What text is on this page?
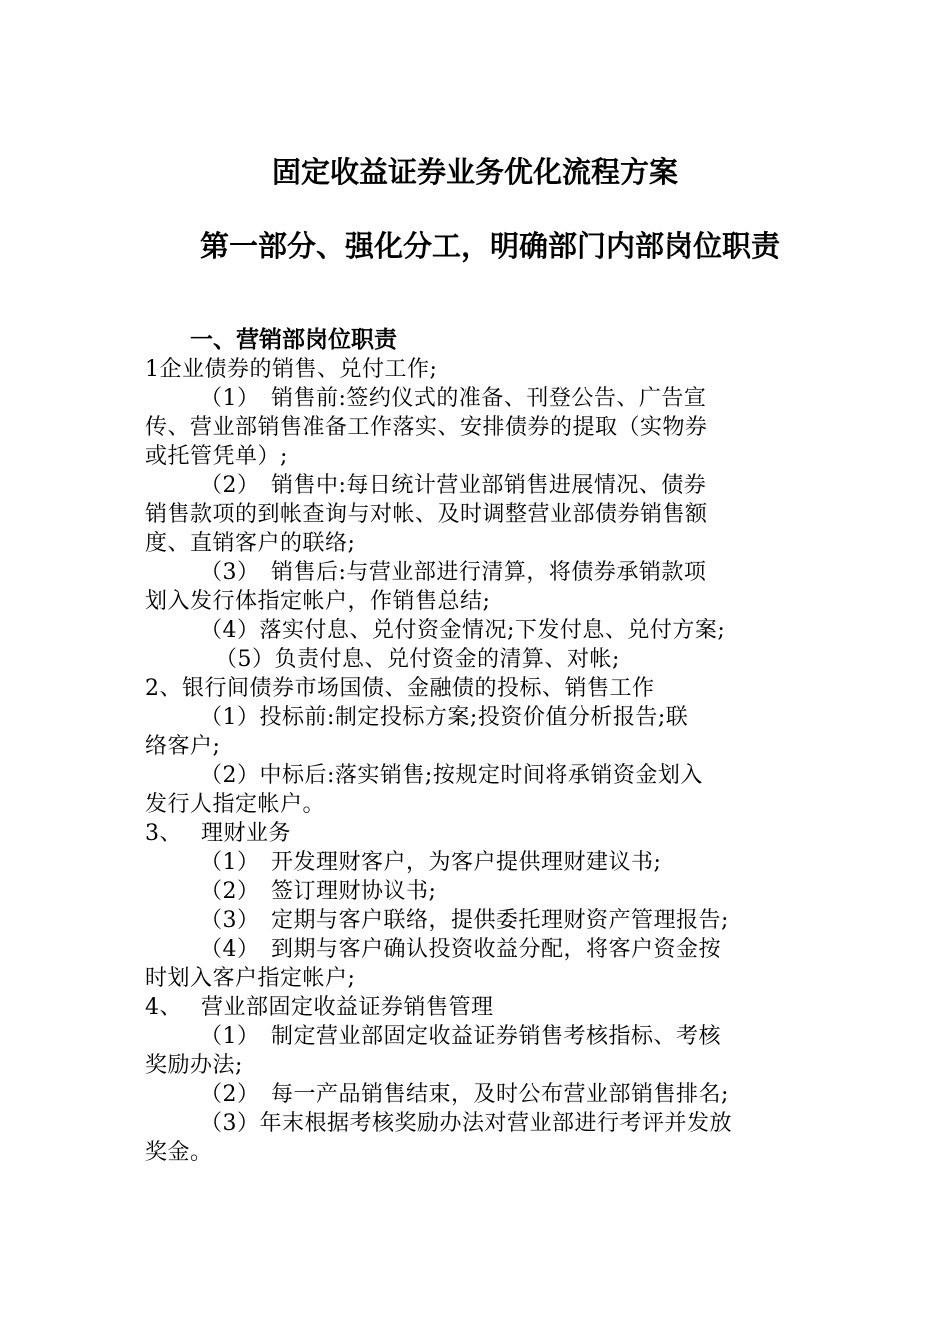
固定收益证券业务优化流程方案
第一部分、强化分工，明确部门内部岗位职责
一、营销部岗位职责
1企业债券的销售、兑付工作;
（1）　销售前:签约仪式的准备、刊登公告、广告宣
传、营业部销售准备工作落实、安排债券的提取（实物券
或托管凭单）;
（2）　销售中:每日统计营业部销售进展情况、债券
销售款项的到帐查询与对帐、及时调整营业部债券销售额
度、直销客户的联络;
（3）　销售后:与营业部进行清算，将债券承销款项
划入发行体指定帐户，作销售总结;
（4）落实付息、兑付资金情况;下发付息、兑付方案;
（5）负责付息、兑付资金的清算、对帐;
2、银行间债券市场国债、金融债的投标、销售工作
（1）投标前:制定投标方案;投资价值分析报告;联
络客户;
（2）中标后:落实销售;按规定时间将承销资金划入
发行人指定帐户。
3、　 理财业务
（1）　开发理财客户，为客户提供理财建议书;
（2）　签订理财协议书;
（3）　定期与客户联络，提供委托理财资产管理报告;
（4）　到期与客户确认投资收益分配，将客户资金按
时划入客户指定帐户;
4、　 营业部固定收益证券销售管理
（1）　制定营业部固定收益证券销售考核指标、考核
奖励办法;
（2）　每一产品销售结束，及时公布营业部销售排名;
（3）年末根据考核奖励办法对营业部进行考评并发放
奖金。
